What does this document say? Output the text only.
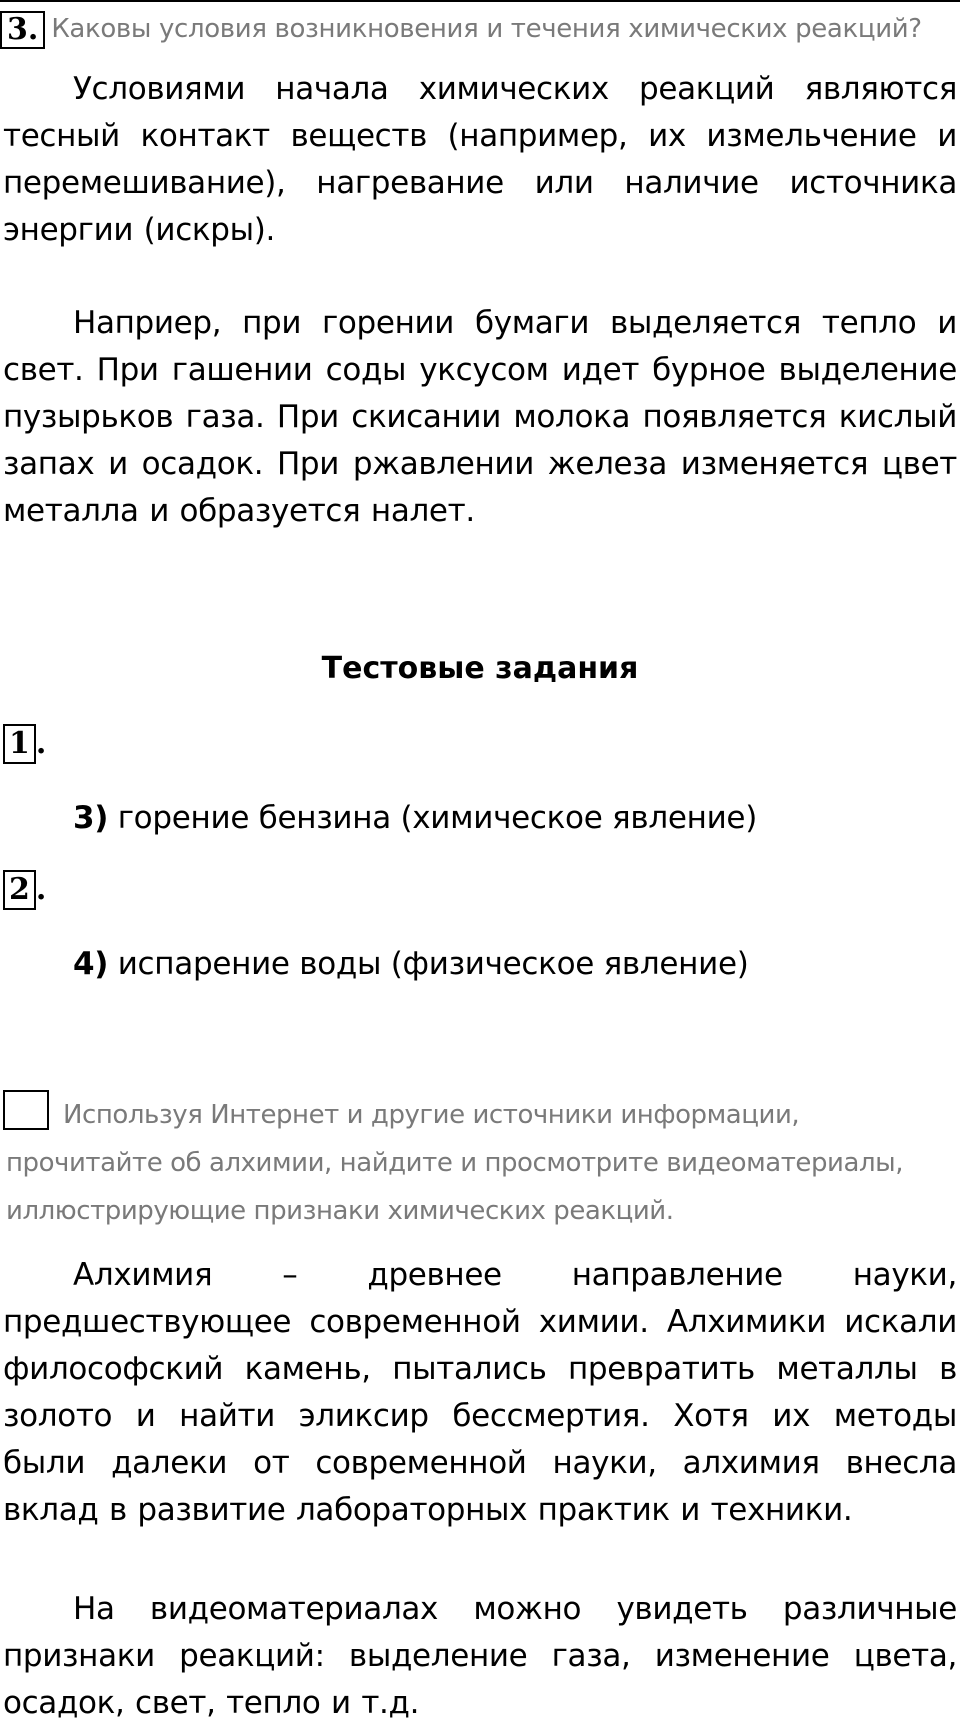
3. Каковы условия возникновения и течения химических реакций?

Условиями начала химических реакций являются тесный контакт веществ (например, их измельчение и перемешивание), нагревание или наличие источника энергии (искры).

Наприер, при горении бумаги выделяется тепло и свет. При гашении соды уксусом идет бурное выделение пузырьков газа. При скисании молока появляется кислый запах и осадок. При ржавлении железа изменяется цвет металла и образуется налет.

Тестовые задания
1 .
3) горение бензина (химическое явление)
2 .
4) испарение воды (физическое явление)
Используя Интернет и другие источники информации,
прочитайте об алхимии, найдите и просмотрите видеоматериалы,
иллюстрирующие признаки химических реакций.

Алхимия – древнее направление науки, предшествующее современной химии. Алхимики искали философский камень, пытались превратить металлы в золото и найти эликсир бессмертия. Хотя их методы были далеки от современной науки, алхимия внесла вклад в развитие лабораторных практик и техники.

На видеоматериалах можно увидеть различные признаки реакций: выделение газа, изменение цвета, осадок, свет, тепло и т.д.
